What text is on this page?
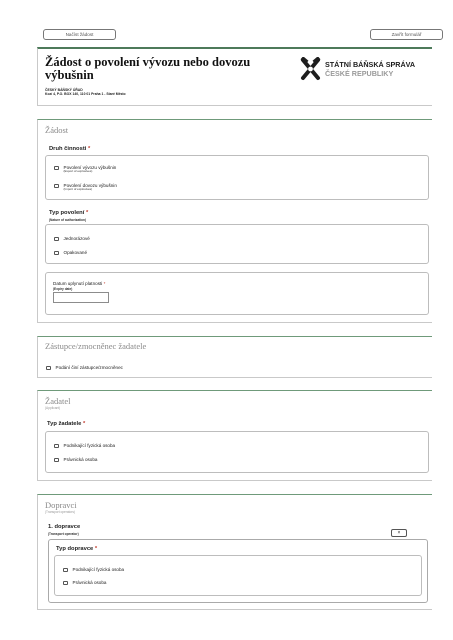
Načíst žádost	Zavřít formulář
Žádost o povolení vývozu nebo dovozu výbušnin
ČESKÝ BÁŇSKÝ ÚŘAD
Kozí 4, P.O. BOX 140, 110 01 Praha 1 - Staré Město
STÁTNÍ BÁŇSKÁ SPRÁVA
ČESKÉ REPUBLIKY
Žádost
Druh činnosti *
Povolení vývozu výbušnin
(Export of explosives)
Povolení dovozu výbušnin
(Import of explosives)
Typ povolení *
(Nature of authorization)
Jednorázové
Opakované
Datum uplynutí platnosti *
(Expiry date)
Zástupce/zmocněnec žadatele
Podání činí zástupce/zmocněnec
Žadatel
(Applicant)
Typ žadatele *
Podnikající fyzická osoba
Právnická osoba
Dopravci
(Transport operators)
1. dopravce
(Transport operator)	×
Typ dopravce *
Podnikající fyzická osoba
Právnická osoba
